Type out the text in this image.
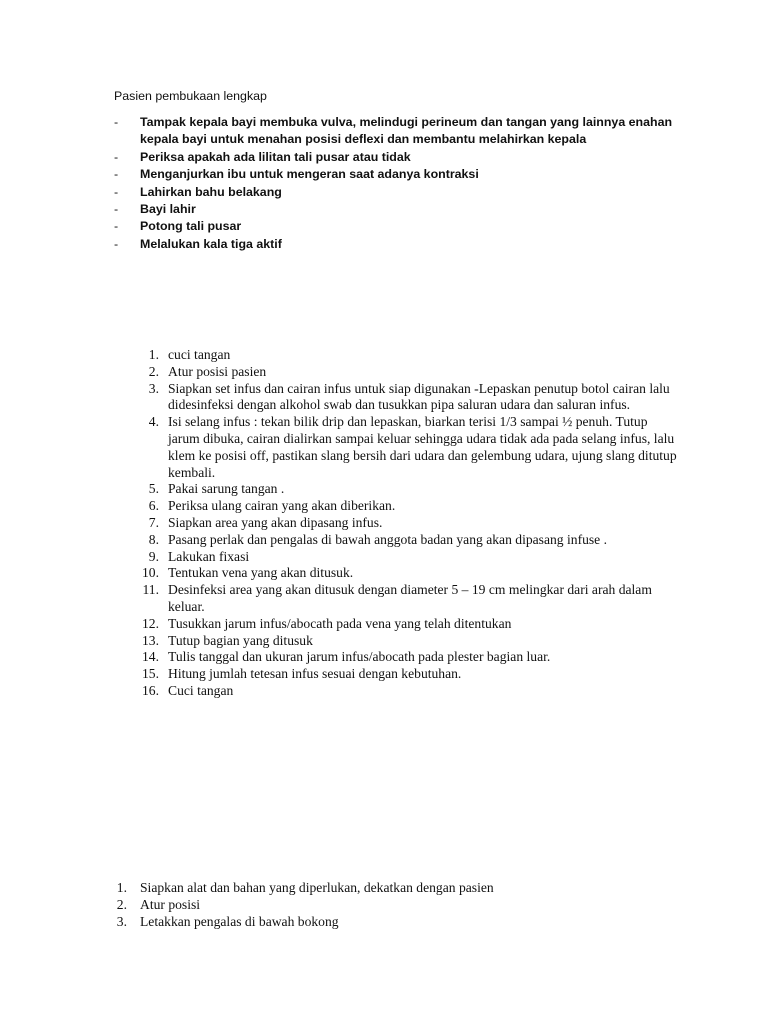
Pasien pembukaan lengkap
- Tampak kepala bayi membuka vulva, melindugi perineum dan tangan yang lainnya enahan kepala bayi untuk menahan posisi deflexi dan membantu melahirkan kepala
- Periksa apakah ada lilitan tali pusar atau tidak
- Menganjurkan ibu untuk mengeran saat adanya kontraksi
- Lahirkan bahu belakang
- Bayi lahir
- Potong tali pusar
- Melalukan kala tiga aktif
1. cuci tangan
2. Atur posisi pasien
3. Siapkan set infus dan cairan infus untuk siap digunakan -Lepaskan penutup botol cairan lalu didesinfeksi dengan alkohol swab dan tusukkan pipa saluran udara dan saluran infus.
4. Isi selang infus : tekan bilik drip dan lepaskan, biarkan terisi 1/3 sampai ½ penuh. Tutup jarum dibuka, cairan dialirkan sampai keluar sehingga udara tidak ada pada selang infus, lalu klem ke posisi off, pastikan slang bersih dari udara dan gelembung udara, ujung slang ditutup kembali.
5. Pakai sarung tangan .
6. Periksa ulang cairan yang akan diberikan.
7. Siapkan area yang akan dipasang infus.
8. Pasang perlak dan pengalas di bawah anggota badan yang akan dipasang infuse .
9. Lakukan fixasi
10. Tentukan vena yang akan ditusuk.
11. Desinfeksi area yang akan ditusuk dengan diameter 5 – 19 cm melingkar dari arah dalam keluar.
12. Tusukkan jarum infus/abocath pada vena yang telah ditentukan
13. Tutup bagian yang ditusuk
14. Tulis tanggal dan ukuran jarum infus/abocath pada plester bagian luar.
15. Hitung jumlah tetesan infus sesuai dengan kebutuhan.
16. Cuci tangan
1. Siapkan alat dan bahan yang diperlukan, dekatkan dengan pasien
2. Atur posisi
3. Letakkan pengalas di bawah bokong
